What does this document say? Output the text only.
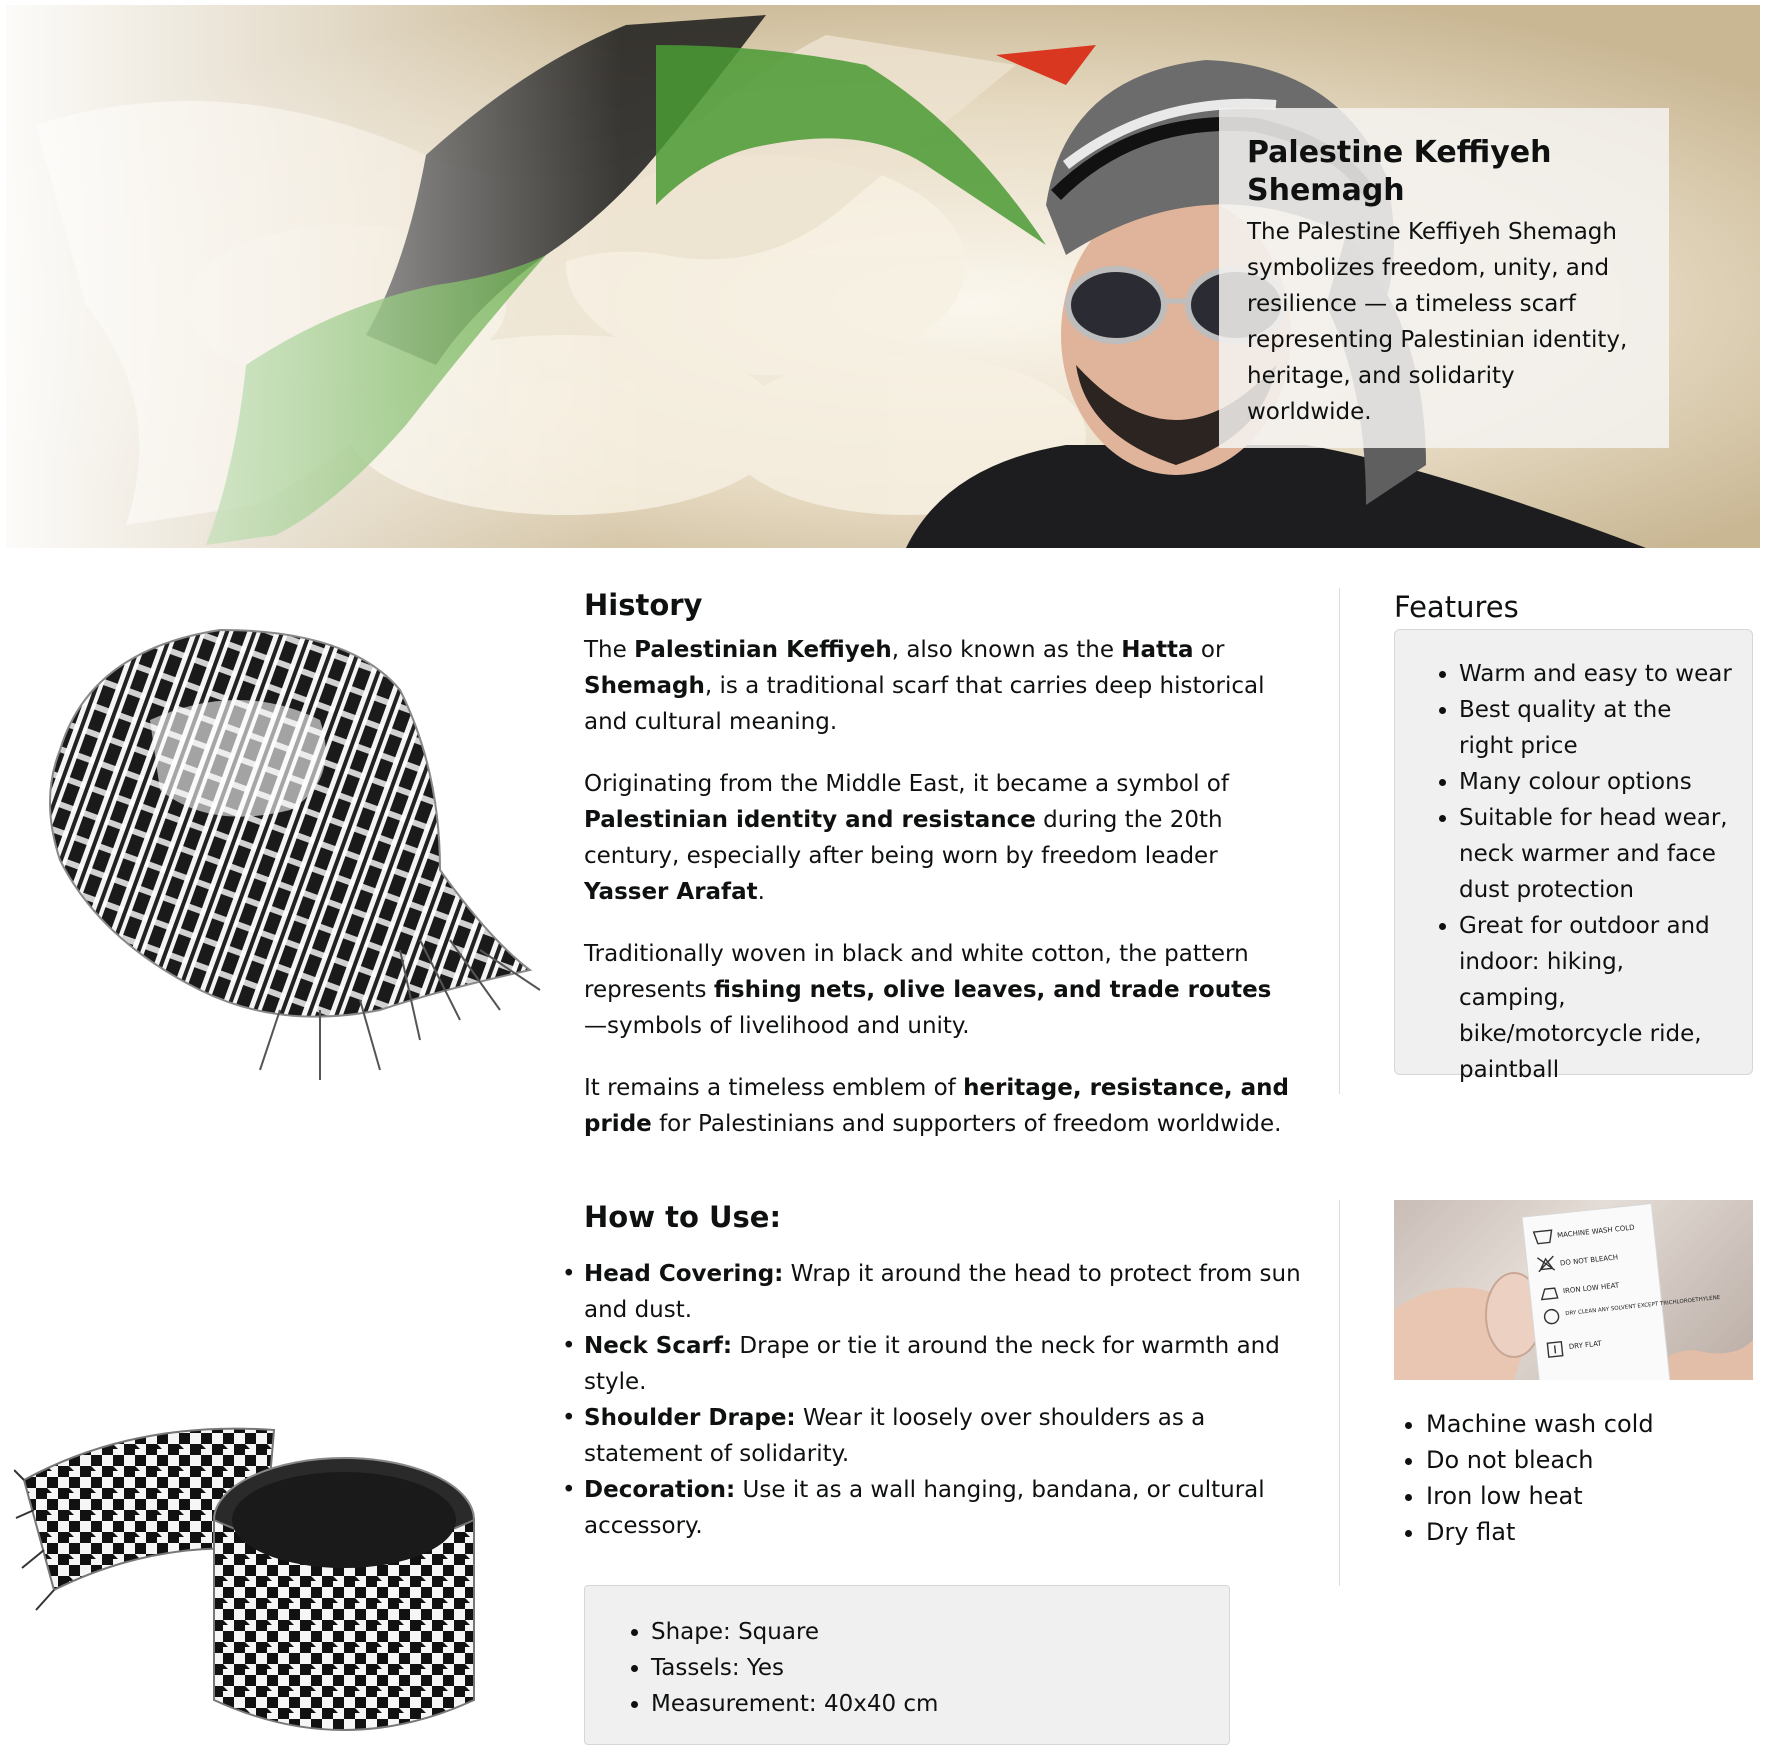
Palestine Keffiyeh Shemagh

The Palestine Keffiyeh Shemagh symbolizes freedom, unity, and resilience — a timeless scarf representing Palestinian identity, heritage, and solidarity worldwide.

History

The Palestinian Keffiyeh, also known as the Hatta or Shemagh, is a traditional scarf that carries deep historical and cultural meaning.

Originating from the Middle East, it became a symbol of Palestinian identity and resistance during the 20th century, especially after being worn by freedom leader Yasser Arafat.

Traditionally woven in black and white cotton, the pattern represents fishing nets, olive leaves, and trade routes—symbols of livelihood and unity.

It remains a timeless emblem of heritage, resistance, and pride for Palestinians and supporters of freedom worldwide.

Features
• Warm and easy to wear
• Best quality at the right price
• Many colour options
• Suitable for head wear, neck warmer and face dust protection
• Great for outdoor and indoor: hiking, camping, bike/motorcycle ride, paintball
How to Use:
• Head Covering: Wrap it around the head to protect from sun and dust.
• Neck Scarf: Drape or tie it around the neck for warmth and style.
• Shoulder Drape: Wear it loosely over shoulders as a statement of solidarity.
• Decoration: Use it as a wall hanging, bandana, or cultural accessory.
• Shape: Square
• Tassels: Yes
• Measurement: 40x40 cm
MACHINE WASH COLD
DO NOT BLEACH
IRON LOW HEAT
DRY CLEAN ANY SOLVENT EXCEPT TRICHLOROETHYLENE
DRY FLAT
• Machine wash cold
• Do not bleach
• Iron low heat
• Dry flat
